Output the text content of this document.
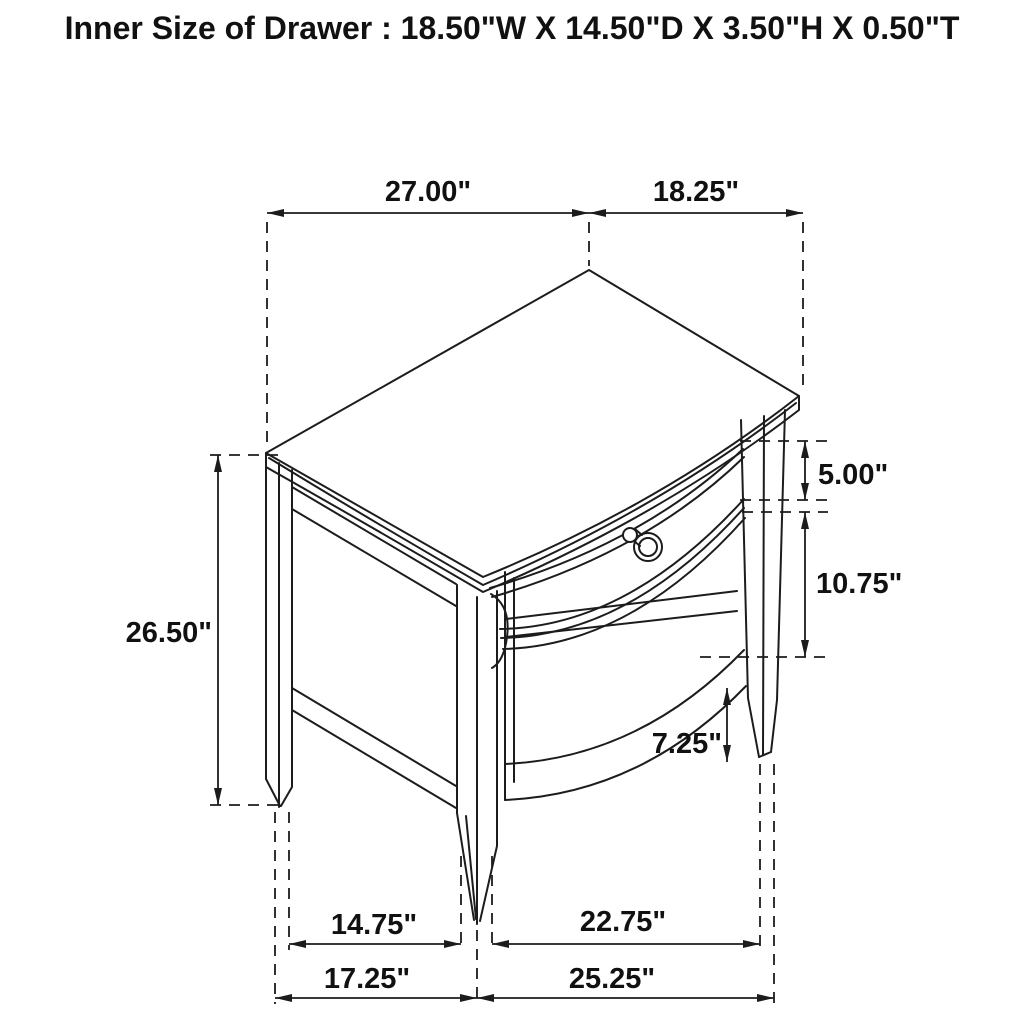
Inner Size of Drawer : 18.50"W X 14.50"D X 3.50"H X 0.50"T
27.00"	18.25"
5.00"
10.75"
26.50"
7.25"
14.75"	22.75"
17.25"	25.25"
